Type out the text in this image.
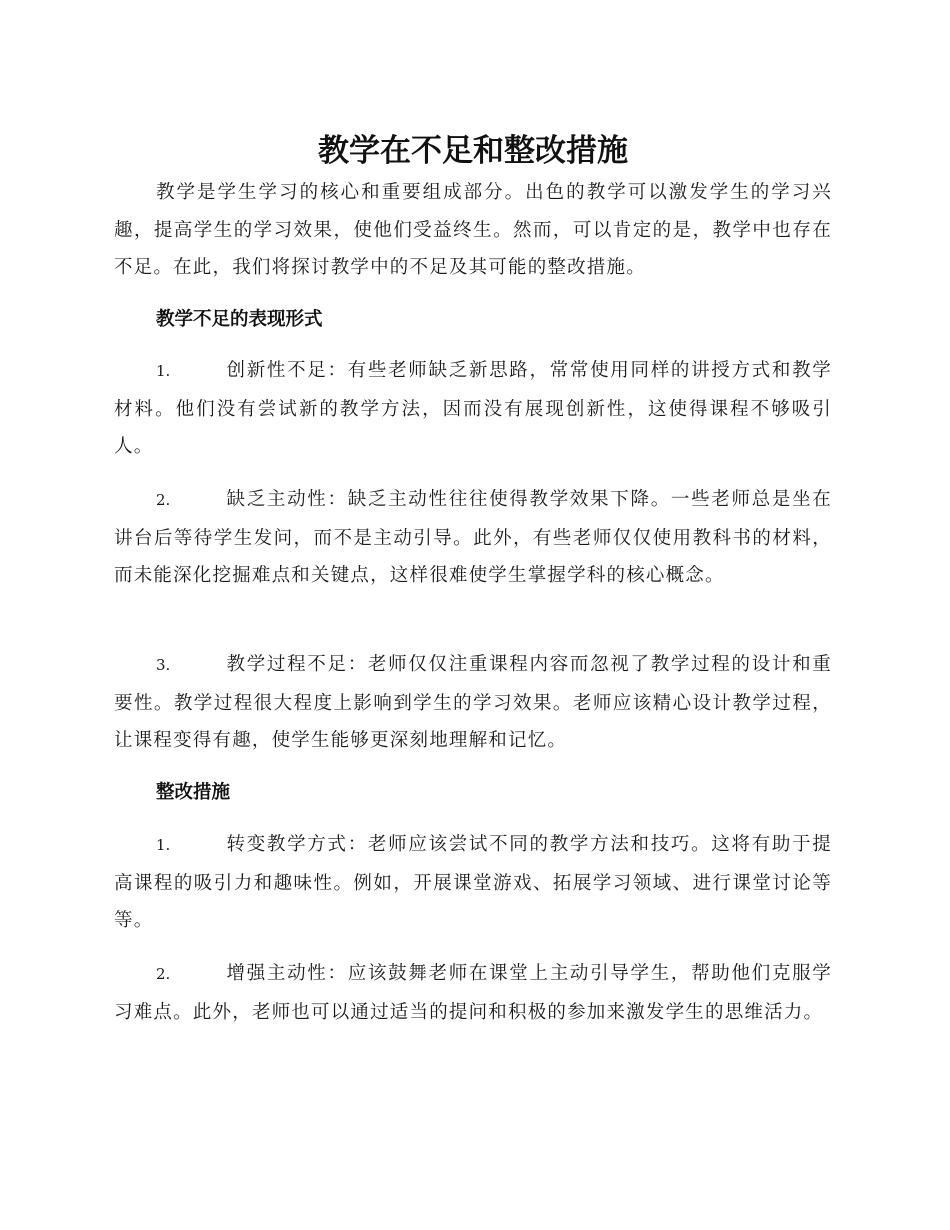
教学在不足和整改措施

教学是学生学习的核心和重要组成部分。出色的教学可以激发学生的学习兴趣，提高学生的学习效果，使他们受益终生。然而，可以肯定的是，教学中也存在不足。在此，我们将探讨教学中的不足及其可能的整改措施。

教学不足的表现形式

1.	创新性不足：有些老师缺乏新思路，常常使用同样的讲授方式和教学材料。他们没有尝试新的教学方法，因而没有展现创新性，这使得课程不够吸引人。

2.	缺乏主动性：缺乏主动性往往使得教学效果下降。一些老师总是坐在讲台后等待学生发问，而不是主动引导。此外，有些老师仅仅使用教科书的材料，而未能深化挖掘难点和关键点，这样很难使学生掌握学科的核心概念。

3.	教学过程不足：老师仅仅注重课程内容而忽视了教学过程的设计和重要性。教学过程很大程度上影响到学生的学习效果。老师应该精心设计教学过程，让课程变得有趣，使学生能够更深刻地理解和记忆。

整改措施

1.	转变教学方式：老师应该尝试不同的教学方法和技巧。这将有助于提高课程的吸引力和趣味性。例如，开展课堂游戏、拓展学习领域、进行课堂讨论等等。

2.	增强主动性：应该鼓舞老师在课堂上主动引导学生，帮助他们克服学习难点。此外，老师也可以通过适当的提问和积极的参加来激发学生的思维活力。
